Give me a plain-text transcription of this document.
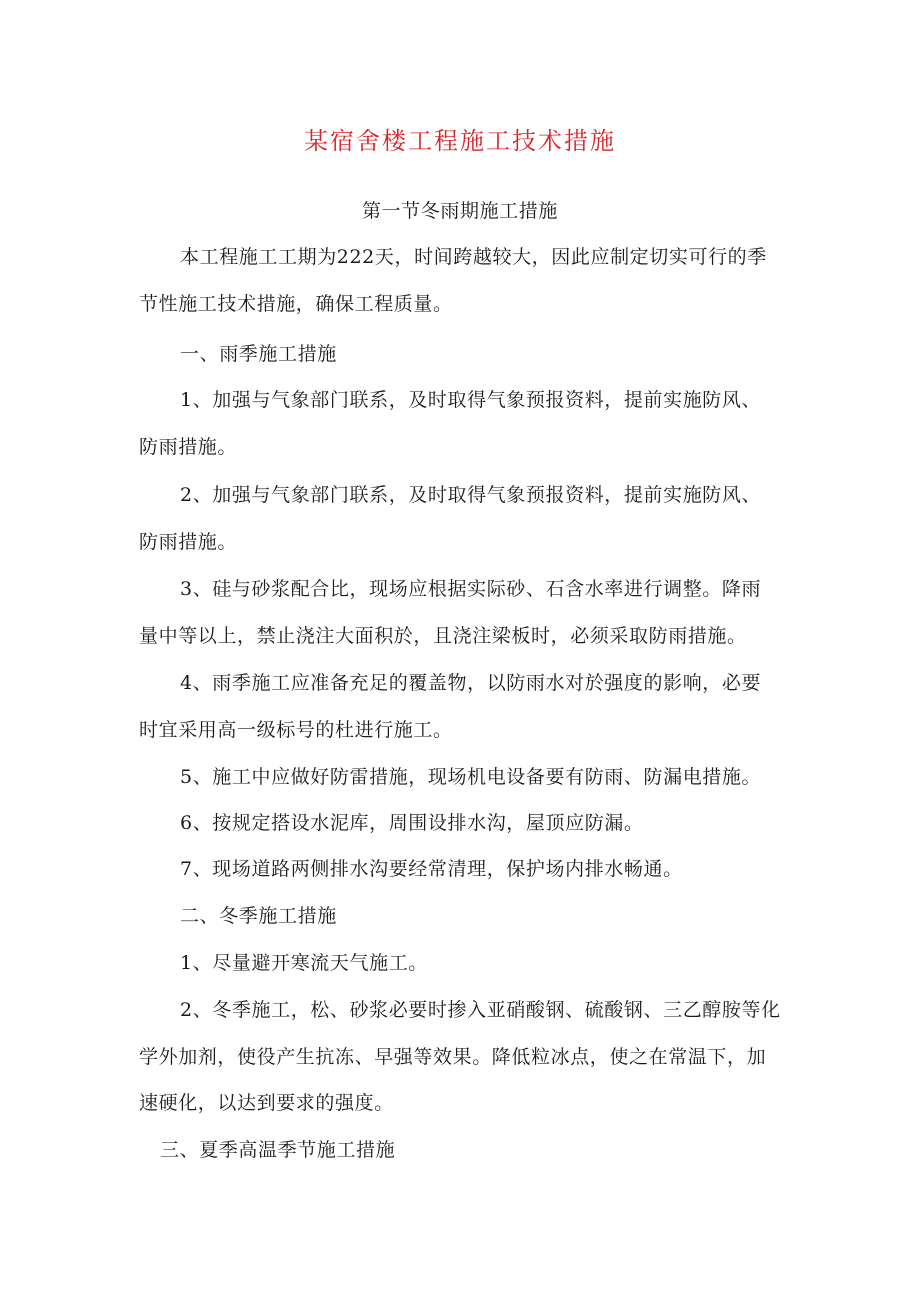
某宿舍楼工程施工技术措施
第一节冬雨期施工措施
本工程施工工期为222天，时间跨越较大，因此应制定切实可行的季
节性施工技术措施，确保工程质量。
一、雨季施工措施
1、加强与气象部门联系，及时取得气象预报资料，提前实施防风、
防雨措施。
2、加强与气象部门联系，及时取得气象预报资料，提前实施防风、
防雨措施。
3、硅与砂浆配合比，现场应根据实际砂、石含水率进行调整。降雨
量中等以上，禁止浇注大面积於，且浇注梁板时，必须采取防雨措施。
4、雨季施工应准备充足的覆盖物，以防雨水对於强度的影响，必要
时宜采用高一级标号的杜进行施工。
5、施工中应做好防雷措施，现场机电设备要有防雨、防漏电措施。
6、按规定搭设水泥库，周围设排水沟，屋顶应防漏。
7、现场道路两侧排水沟要经常清理，保护场内排水畅通。
二、冬季施工措施
1、尽量避开寒流天气施工。
2、冬季施工，松、砂浆必要时掺入亚硝酸钢、硫酸钢、三乙醇胺等化
学外加剂，使役产生抗冻、早强等效果。降低粒冰点，使之在常温下，加
速硬化，以达到要求的强度。
三、夏季高温季节施工措施
